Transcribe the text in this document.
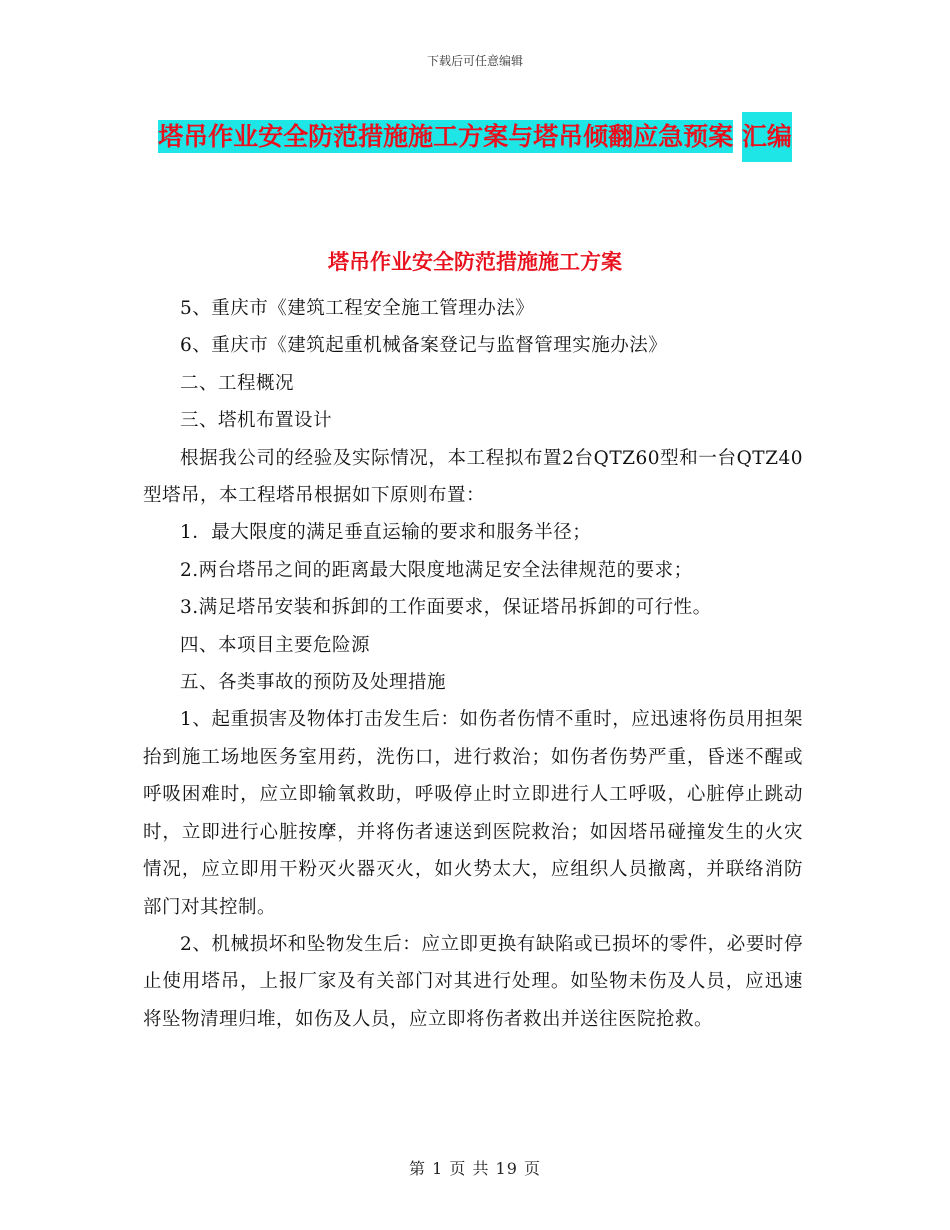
下载后可任意编辑
塔吊作业安全防范措施施工方案与塔吊倾翻应急预案 汇编
塔吊作业安全防范措施施工方案

5、重庆市《建筑工程安全施工管理办法》

6、重庆市《建筑起重机械备案登记与监督管理实施办法》

二、工程概况

三、塔机布置设计

根据我公司的经验及实际情况，本工程拟布置2台QTZ60型和一台QTZ40型塔吊，本工程塔吊根据如下原则布置：

1．最大限度的满足垂直运输的要求和服务半径；

2.两台塔吊之间的距离最大限度地满足安全法律规范的要求；

3.满足塔吊安装和拆卸的工作面要求，保证塔吊拆卸的可行性。

四、本项目主要危险源

五、各类事故的预防及处理措施

1、起重损害及物体打击发生后：如伤者伤情不重时，应迅速将伤员用担架抬到施工场地医务室用药，洗伤口，进行救治；如伤者伤势严重，昏迷不醒或呼吸困难时，应立即输氧救助，呼吸停止时立即进行人工呼吸，心脏停止跳动时，立即进行心脏按摩，并将伤者速送到医院救治；如因塔吊碰撞发生的火灾情况，应立即用干粉灭火器灭火，如火势太大，应组织人员撤离，并联络消防部门对其控制。

2、机械损坏和坠物发生后：应立即更换有缺陷或已损坏的零件，必要时停止使用塔吊，上报厂家及有关部门对其进行处理。如坠物未伤及人员，应迅速将坠物清理归堆，如伤及人员，应立即将伤者救出并送往医院抢救。

第 1 页 共 19 页
